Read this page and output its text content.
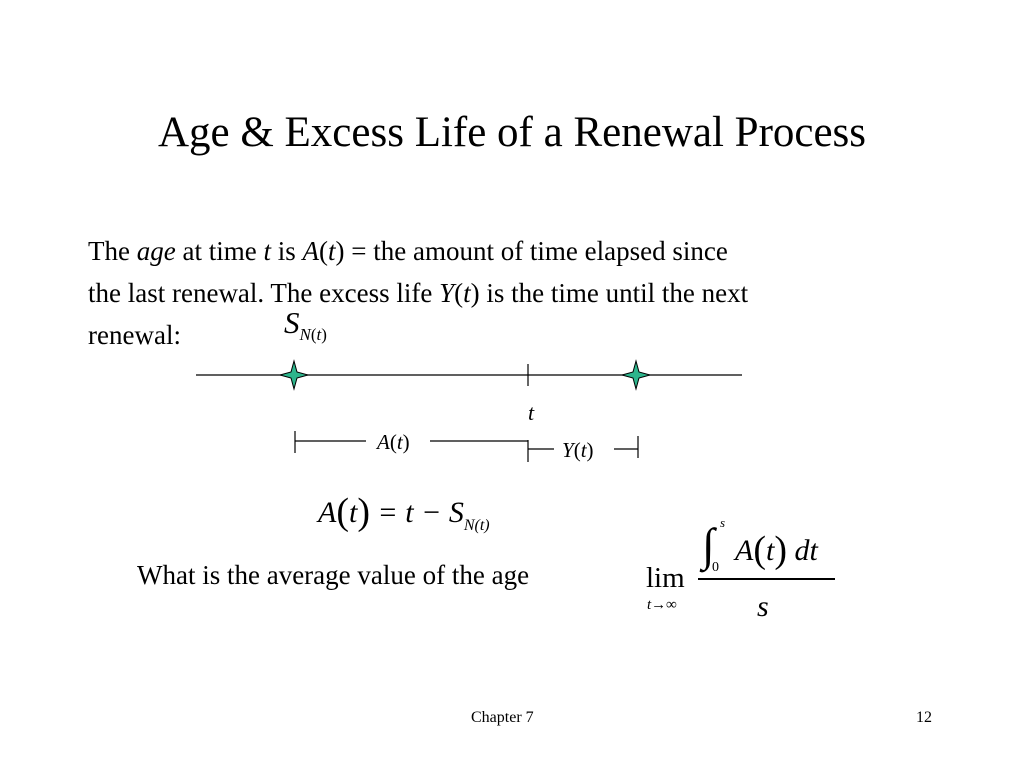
Age & Excess Life of a Renewal Process
The age at time t is A(t) = the amount of time elapsed since
the last renewal. The excess life Y(t) is the time until the next
renewal:	$S_{N(t)}$
t
A(t)	Y(t)
$A(t) = t - S_{N(t)}$
What is the average value of the age	lim
t→∞
∫ s
0
A(t) dt
s
Chapter 7	12
